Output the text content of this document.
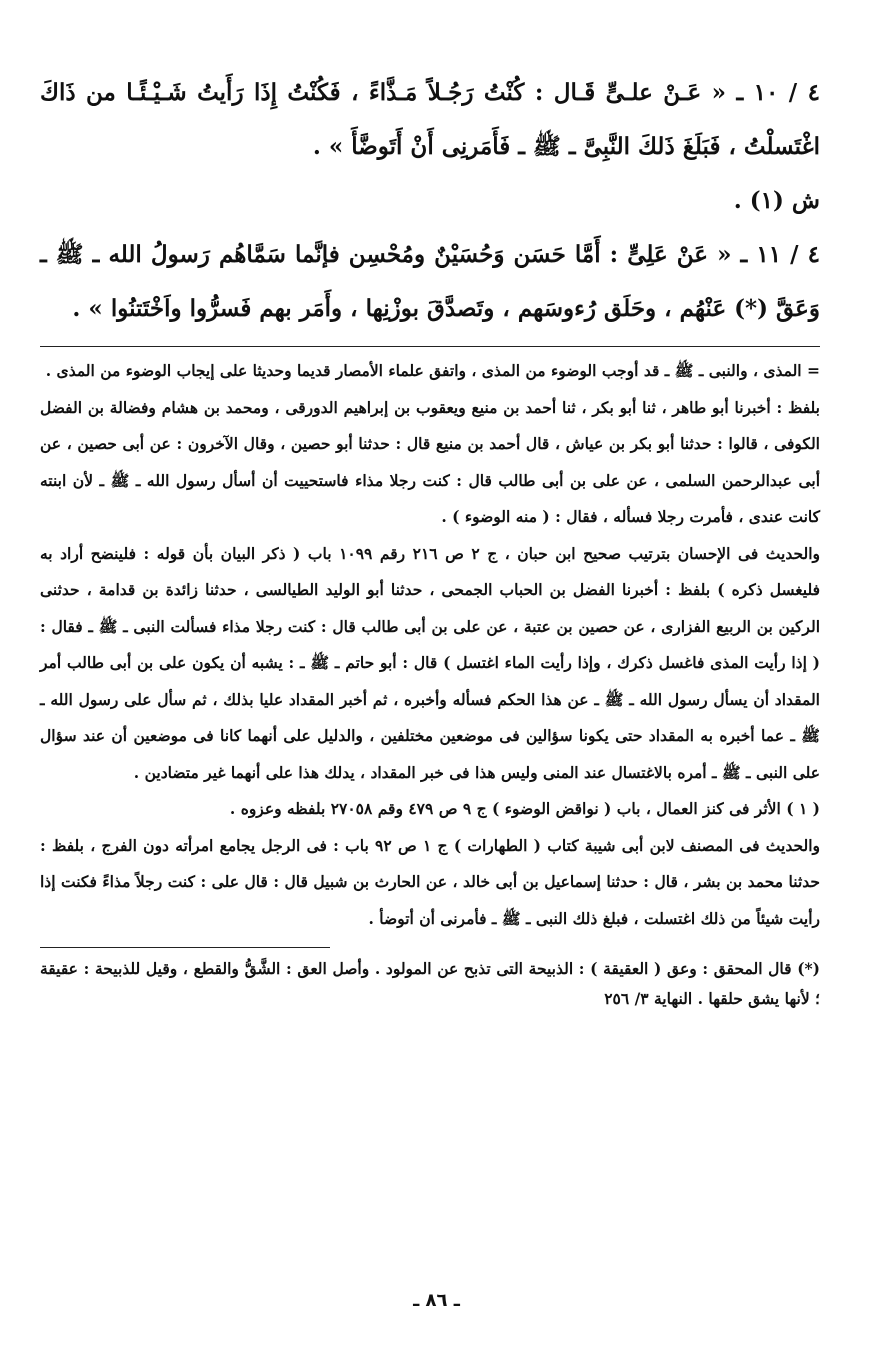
٤ / ١٠ ـ « عَـنْ علـىٍّ قَـال : كُنْتُ رَجُـلاً مَـذَّاءً ، فَكُنْتُ إِذَا رَأَيتُ شَـيْـئًـا من ذَاكَ اغْتَسلْتُ ، فَبَلَغَ ذَلكَ النَّبِىَّ ـ ﷺ ـ فَأَمَرنِى أَنْ أَتَوضَّأَ » .
ش (١) .

٤ / ١١ ـ « عَنْ عَلِىٍّ : أَمَّا حَسَن وَحُسَيْنٌ ومُحْسِن فإنَّما سَمَّاهُم رَسولُ الله ـ ﷺ ـ وَعَقَّ (*) عَنْهُم ، وحَلَق رُءوسَهم ، وتَصدَّقَ بوزْنِها ، وأَمَر بهم فَسرُّوا واَخْتَتنُوا » .

= المذى ، والنبى ـ ﷺ ـ قد أوجب الوضوء من المذى ، واتفق علماء الأمصار قديما وحديثا على إيجاب الوضوء من المذى .

بلفظ : أخبرنا أبو طاهر ، ثنا أبو بكر ، ثنا أحمد بن منيع ويعقوب بن إبراهيم الدورقى ، ومحمد بن هشام وفضالة بن الفضل الكوفى ، قالوا : حدثنا أبو بكر بن عياش ، قال أحمد بن منيع قال : حدثنا أبو حصين ، وقال الآخرون : عن أبى حصين ، عن أبى عبدالرحمن السلمى ، عن على بن أبى طالب قال : كنت رجلا مذاء فاستحييت أن أسأل رسول الله ـ ﷺ ـ لأن ابنته كانت عندى ، فأمرت رجلا فسأله ، فقال : ( منه الوضوء ) .

والحديث فى الإحسان بترتيب صحيح ابن حبان ، ج ٢ ص ٢١٦ رقم ١٠٩٩ باب ( ذكر البيان بأن قوله : فلينضح أراد به فليغسل ذكره ) بلفظ : أخبرنا الفضل بن الحباب الجمحى ، حدثنا أبو الوليد الطيالسى ، حدثنا زائدة بن قدامة ، حدثنى الركين بن الربيع الفزارى ، عن حصين بن عتبة ، عن على بن أبى طالب قال : كنت رجلا مذاء فسألت النبى ـ ﷺ ـ فقال : ( إذا رأيت المذى فاغسل ذكرك ، وإذا رأيت الماء اغتسل ) قال : أبو حاتم ـ ﷺ ـ : يشبه أن يكون على بن أبى طالب أمر المقداد أن يسأل رسول الله ـ ﷺ ـ عن هذا الحكم فسأله وأخبره ، ثم أخبر المقداد عليا بذلك ، ثم سأل على رسول الله ـ ﷺ ـ عما أخبره به المقداد حتى يكونا سؤالين فى موضعين مختلفين ، والدليل على أنهما كانا فى موضعين أن عند سؤال على النبى ـ ﷺ ـ أمره بالاغتسال عند المنى وليس هذا فى خبر المقداد ، يدلك هذا على أنهما غير متضادين .

( ١ ) الأثر فى كنز العمال ، باب ( نواقض الوضوء ) ج ٩ ص ٤٧٩ وقم ٢٧٠٥٨ بلفظه وعزوه .

والحديث فى المصنف لابن أبى شيبة كتاب ( الطهارات ) ج ١ ص ٩٢ باب : فى الرجل يجامع امرأته دون الفرج ، بلفظ : حدثنا محمد بن بشر ، قال : حدثنا إسماعيل بن أبى خالد ، عن الحارث بن شبيل قال : قال على : كنت رجلاً مذاءً فكنت إذا رأيت شيئاً من ذلك اغتسلت ، فبلغ ذلك النبى ـ ﷺ ـ فأمرنى أن أتوضأ .

(*) قال المحقق : وعق ( العقيقة ) : الذبيحة التى تذبح عن المولود . وأصل العق : الشَّقُّ والقطع ، وقيل للذبيحة : عقيقة ؛ لأنها يشق حلقها . النهاية ٣/ ٢٥٦

ـ ٨٦ ـ
